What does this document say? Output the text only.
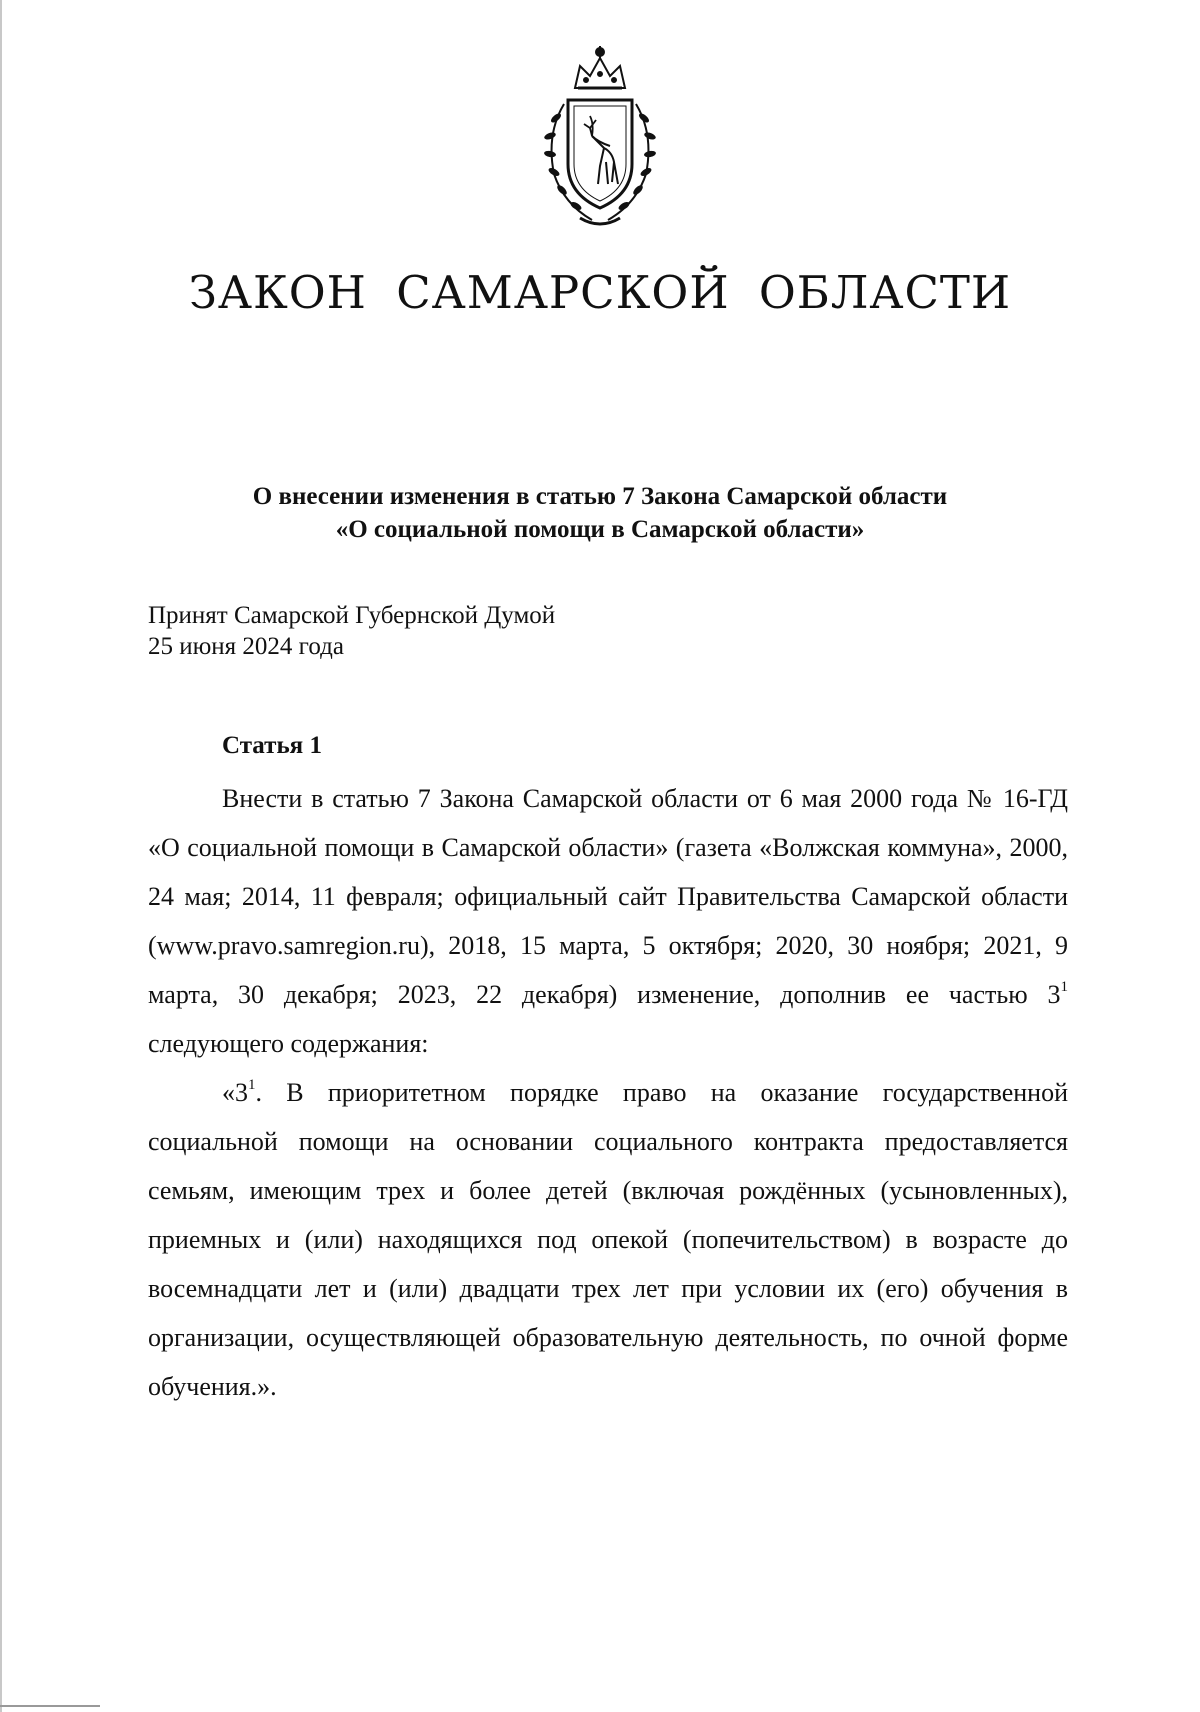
ЗАКОН САМАРСКОЙ ОБЛАСТИ
О внесении изменения в статью 7 Закона Самарской области
«О социальной помощи в Самарской области»
Принят Самарской Губернской Думой
25 июня 2024 года
Статья 1

Внести в статью 7 Закона Самарской области от 6 мая 2000 года № 16-ГД «О социальной помощи в Самарской области» (газета «Волжская коммуна», 2000, 24 мая; 2014, 11 февраля; официальный сайт Правительства Самарской области (www.pravo.samregion.ru), 2018, 15 марта, 5 октября; 2020, 30 ноября; 2021, 9 марта, 30 декабря; 2023, 22 декабря) изменение, дополнив ее частью $3^1$ следующего содержания:

«$3^1$. В приоритетном порядке право на оказание государственной социальной помощи на основании социального контракта предоставляется семьям, имеющим трех и более детей (включая рождённых (усыновленных), приемных и (или) находящихся под опекой (попечительством) в возрасте до восемнадцати лет и (или) двадцати трех лет при условии их (его) обучения в организации, осуществляющей образовательную деятельность, по очной форме обучения.».
